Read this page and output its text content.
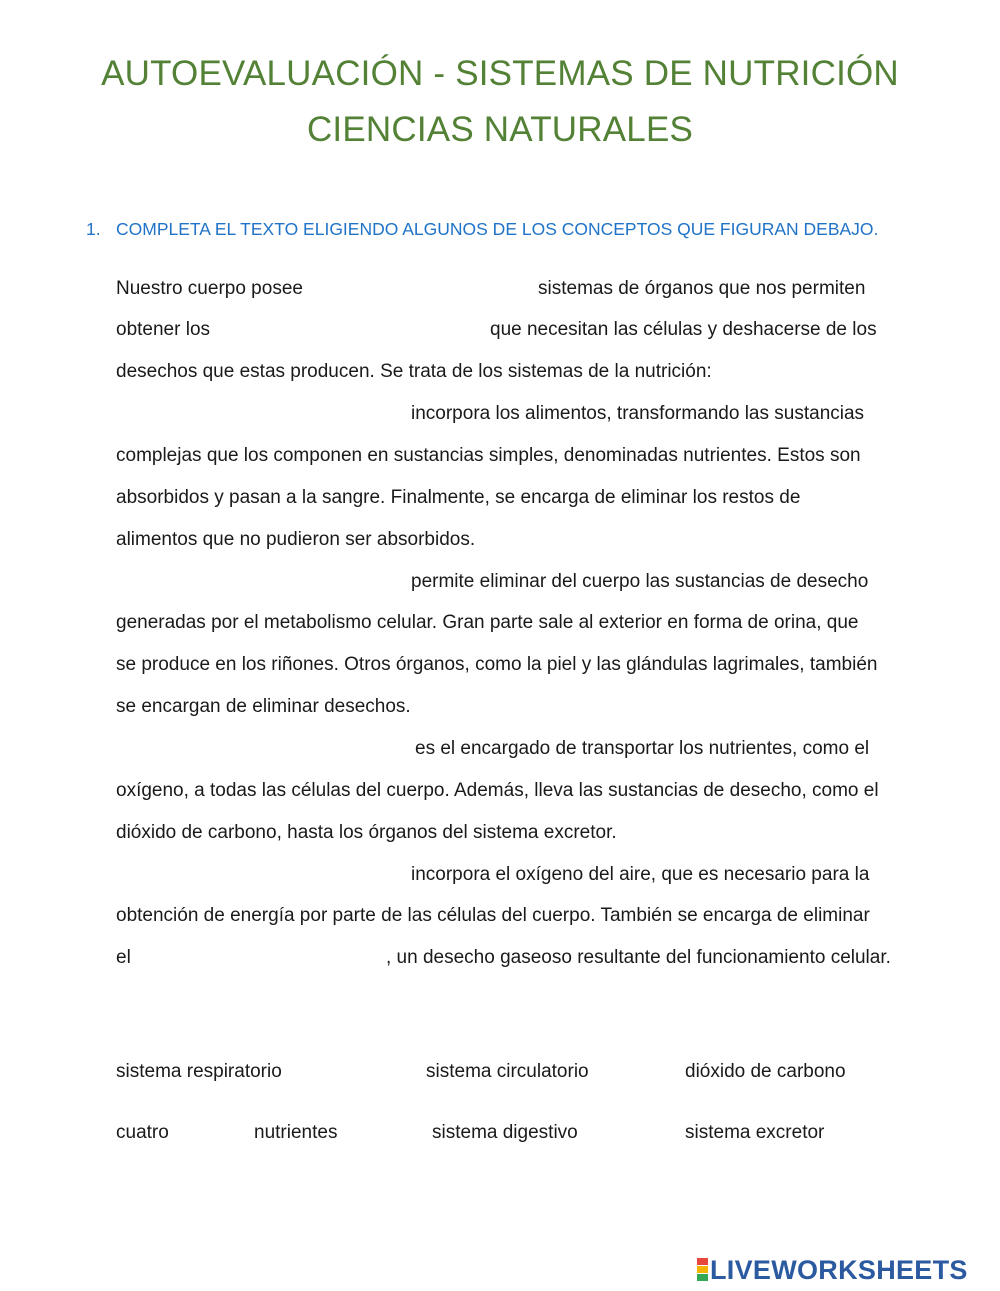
AUTOEVALUACIÓN - SISTEMAS DE NUTRICIÓN
CIENCIAS NATURALES
1. COMPLETA EL TEXTO ELIGIENDO ALGUNOS DE LOS CONCEPTOS QUE FIGURAN DEBAJO.
Nuestro cuerpo posee	sistemas de órganos que nos permiten
obtener los	que necesitan las células y deshacerse de los
desechos que estas producen. Se trata de los sistemas de la nutrición:
incorpora los alimentos, transformando las sustancias
complejas que los componen en sustancias simples, denominadas nutrientes. Estos son
absorbidos y pasan a la sangre. Finalmente, se encarga de eliminar los restos de
alimentos que no pudieron ser absorbidos.
permite eliminar del cuerpo las sustancias de desecho
generadas por el metabolismo celular. Gran parte sale al exterior en forma de orina, que
se produce en los riñones. Otros órganos, como la piel y las glándulas lagrimales, también
se encargan de eliminar desechos.
es el encargado de transportar los nutrientes, como el
oxígeno, a todas las células del cuerpo. Además, lleva las sustancias de desecho, como el
dióxido de carbono, hasta los órganos del sistema excretor.
incorpora el oxígeno del aire, que es necesario para la
obtención de energía por parte de las células del cuerpo. También se encarga de eliminar
el	, un desecho gaseoso resultante del funcionamiento celular.
sistema respiratorio	sistema circulatorio	dióxido de carbono
cuatro	nutrientes	sistema digestivo	sistema excretor
LIVEWORKSHEETS
